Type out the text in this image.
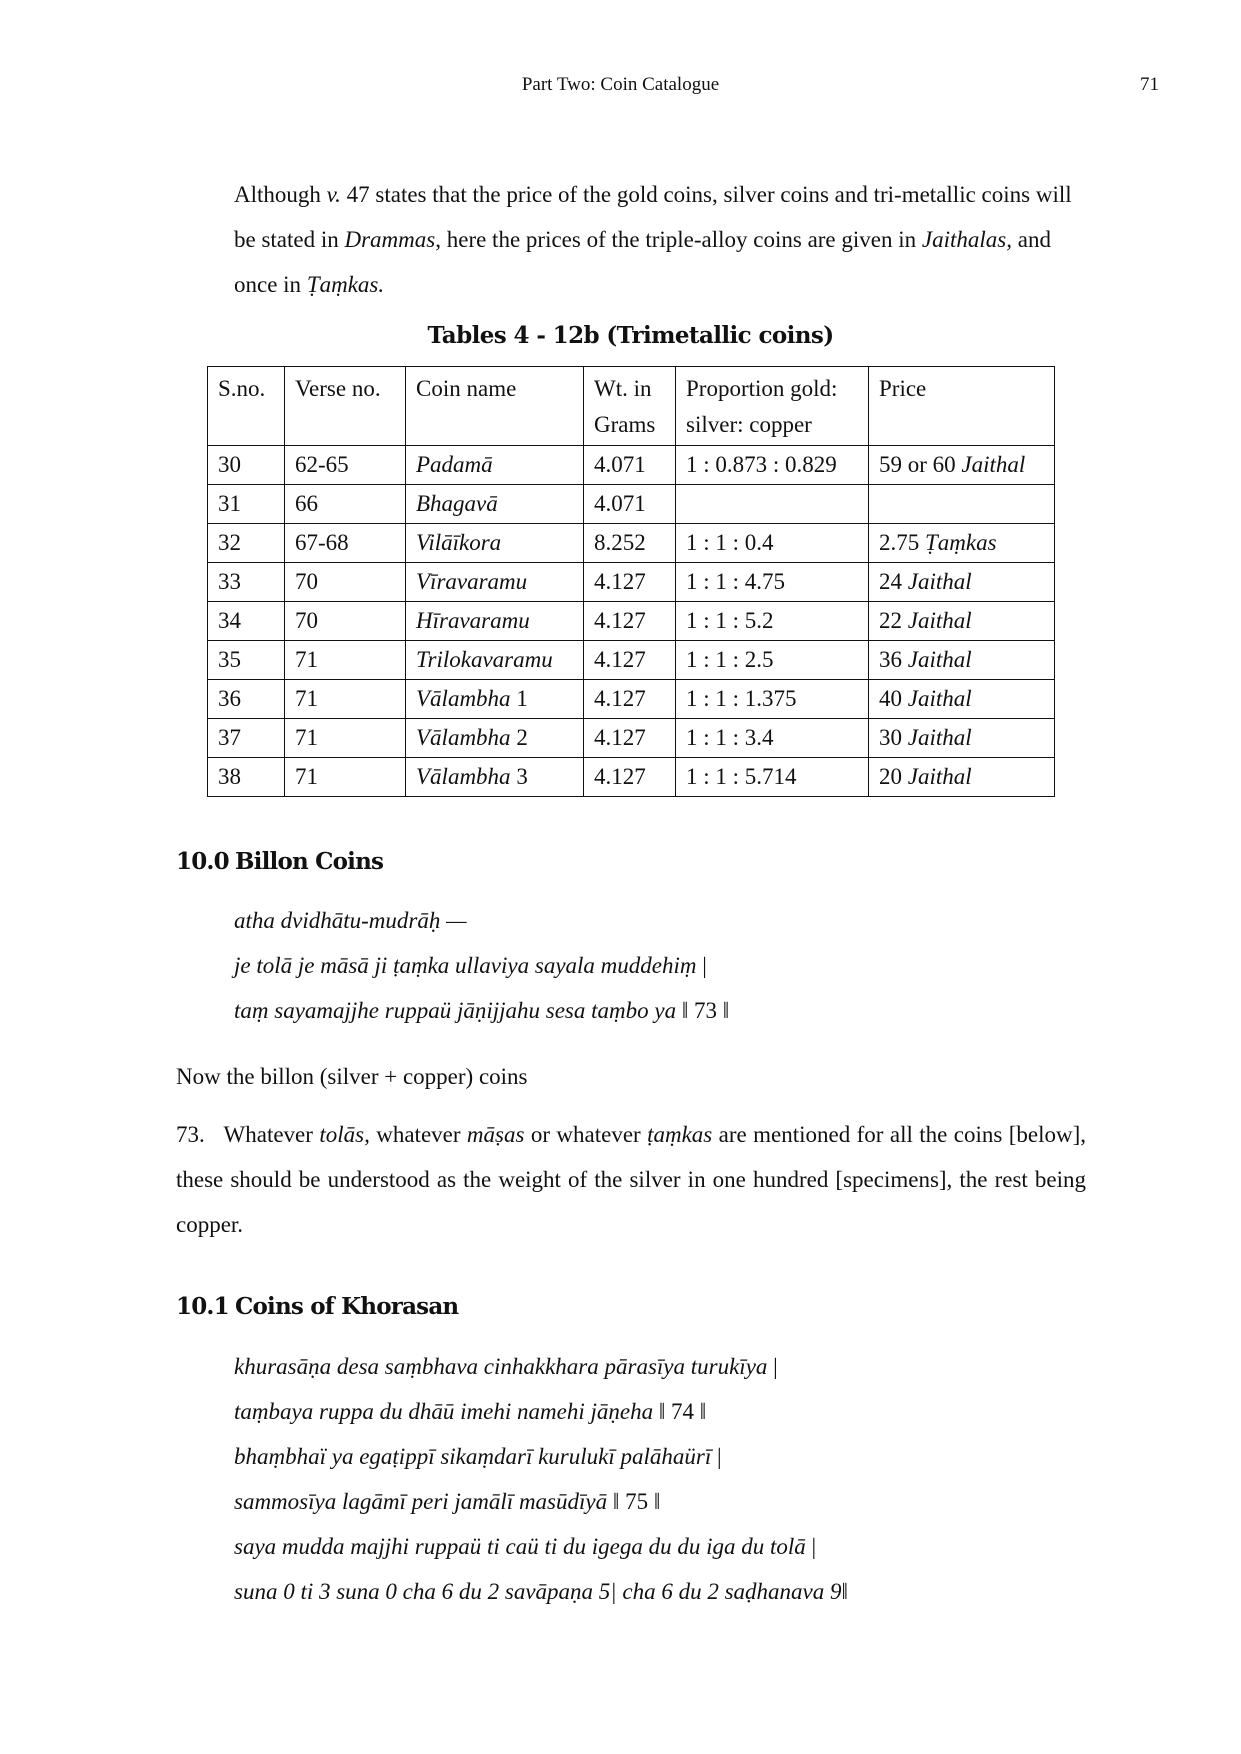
Part Two: Coin Catalogue	71

Although v. 47 states that the price of the gold coins, silver coins and tri-metallic coins will be stated in Drammas, here the prices of the triple-alloy coins are given in Jaithalas, and once in Ṭaṃkas.

Tables 4 - 12b (Trimetallic coins)
S.no.	Verse no.	Coin name	Wt. in Grams	Proportion gold: silver: copper	Price
30	62-65	Padamā	4.071	1 : 0.873 : 0.829	59 or 60 Jaithal
31	66	Bhagavā	4.071		
32	67-68	Vilāīkora	8.252	1 : 1 : 0.4	2.75 Ṭaṃkas
33	70	Vīravaramu	4.127	1 : 1 : 4.75	24 Jaithal
34	70	Hīravaramu	4.127	1 : 1 : 5.2	22 Jaithal
35	71	Trilokavaramu	4.127	1 : 1 : 2.5	36 Jaithal
36	71	Vālambha 1	4.127	1 : 1 : 1.375	40 Jaithal
37	71	Vālambha 2	4.127	1 : 1 : 3.4	30 Jaithal
38	71	Vālambha 3	4.127	1 : 1 : 5.714	20 Jaithal
10.0 Billon Coins
atha dvidhātu-mudrāḥ —
je tolā je māsā ji ṭaṃka ullaviya sayala muddehiṃ |
taṃ sayamajjhe ruppaü jāṇijjahu sesa taṃbo ya ‖ 73 ‖
Now the billon (silver + copper) coins

73.   Whatever tolās, whatever māṣas or whatever ṭaṃkas are mentioned for all the coins [below], these should be understood as the weight of the silver in one hundred [specimens], the rest being copper.

10.1 Coins of Khorasan
khurasāṇa desa saṃbhava cinhakkhara pārasīya turukīya |
taṃbaya ruppa du dhāū imehi namehi jāṇeha ‖ 74 ‖
bhaṃbhaï ya egaṭippī sikaṃdarī kurulukī palāhaürī |
sammosīya lagāmī peri jamālī masūdīyā ‖ 75 ‖
saya mudda majjhi ruppaü ti caü ti du igega du du iga du tolā |
suna 0 ti 3 suna 0 cha 6 du 2 savāpaṇa 5| cha 6 du 2 saḍhanava 9‖
